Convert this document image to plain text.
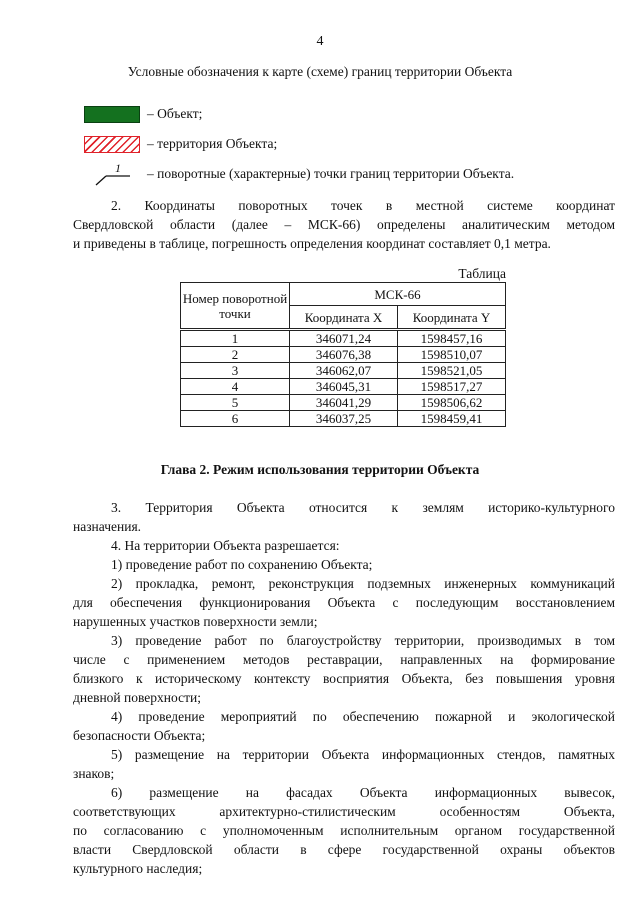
4
Условные обозначения к карте (схеме) границ территории Объекта
– Объект;
– территория Объекта;
1 – поворотные (характерные) точки границ территории Объекта.
2. Координаты поворотных точек в местной системе координат
Свердловской области (далее – МСК-66) определены аналитическим методом
и приведены в таблице, погрешность определения координат составляет 0,1 метра.
Таблица
Номер поворотной точки	МСК-66	
	Координата X	Координата Y
1	346071,24	1598457,16
2	346076,38	1598510,07
3	346062,07	1598521,05
4	346045,31	1598517,27
5	346041,29	1598506,62
6	346037,25	1598459,41
Глава 2. Режим использования территории Объекта
3. Территория Объекта относится к землям историко-культурного
назначения.
4. На территории Объекта разрешается:
1) проведение работ по сохранению Объекта;
2) прокладка, ремонт, реконструкция подземных инженерных коммуникаций
для обеспечения функционирования Объекта с последующим восстановлением
нарушенных участков поверхности земли;
3) проведение работ по благоустройству территории, производимых в том
числе с применением методов реставрации, направленных на формирование
близкого к историческому контексту восприятия Объекта, без повышения уровня
дневной поверхности;
4) проведение мероприятий по обеспечению пожарной и экологической
безопасности Объекта;
5) размещение на территории Объекта информационных стендов, памятных
знаков;
6) размещение на фасадах Объекта информационных вывесок,
соответствующих архитектурно-стилистическим особенностям Объекта,
по согласованию с уполномоченным исполнительным органом государственной
власти Свердловской области в сфере государственной охраны объектов
культурного наследия;
